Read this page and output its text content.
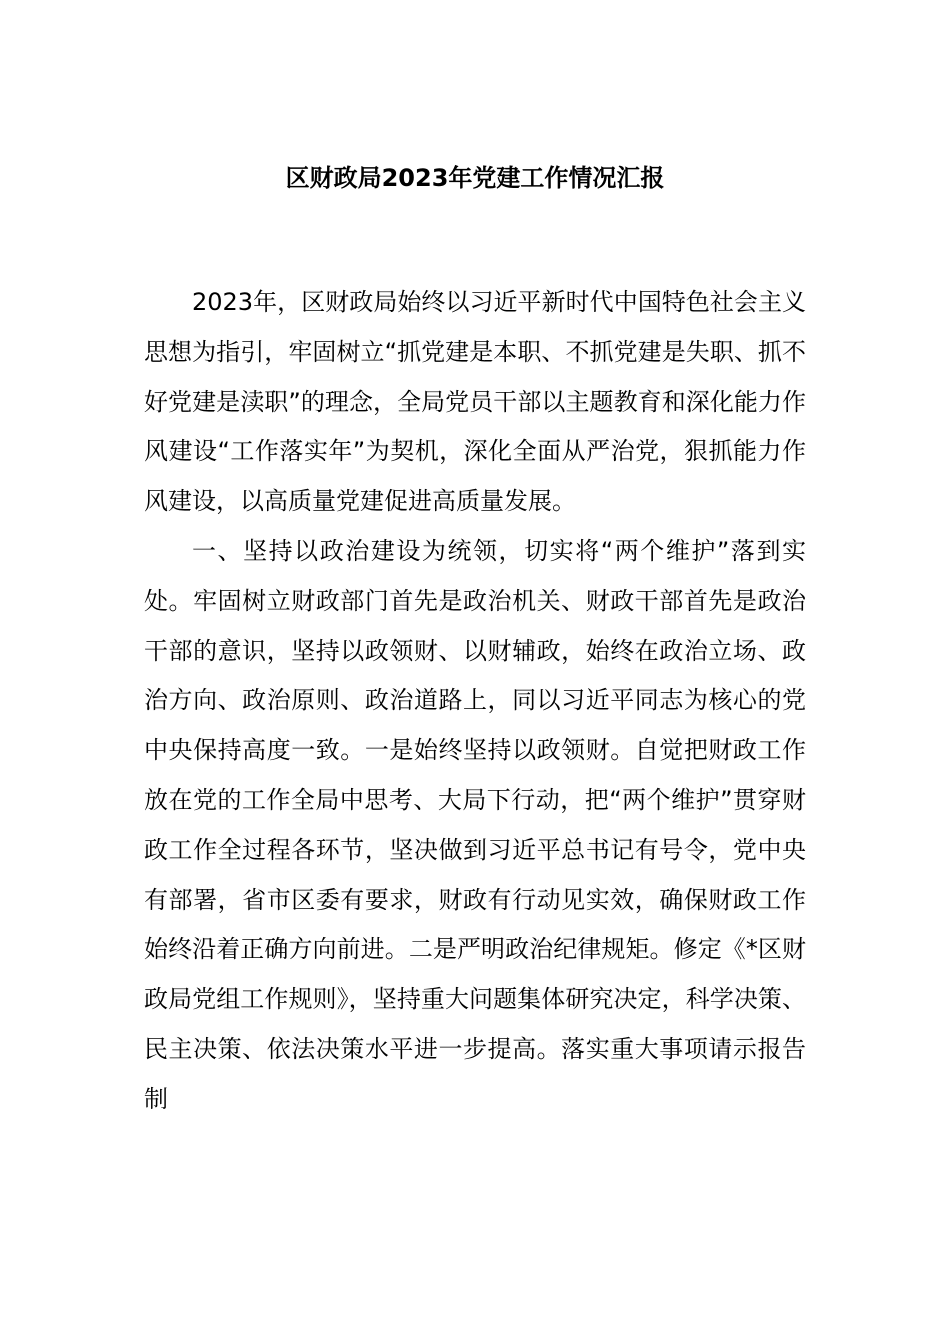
区财政局2023年党建工作情况汇报

2023年，区财政局始终以习近平新时代中国特色社会主义思想为指引，牢固树立“抓党建是本职、不抓党建是失职、抓不好党建是渎职”的理念，全局党员干部以主题教育和深化能力作风建设“工作落实年”为契机，深化全面从严治党，狠抓能力作风建设，以高质量党建促进高质量发展。

一、坚持以政治建设为统领，切实将“两个维护”落到实处。牢固树立财政部门首先是政治机关、财政干部首先是政治干部的意识，坚持以政领财、以财辅政，始终在政治立场、政治方向、政治原则、政治道路上，同以习近平同志为核心的党中央保持高度一致。一是始终坚持以政领财。自觉把财政工作放在党的工作全局中思考、大局下行动，把“两个维护”贯穿财政工作全过程各环节，坚决做到习近平总书记有号令，党中央有部署，省市区委有要求，财政有行动见实效，确保财政工作始终沿着正确方向前进。二是严明政治纪律规矩。修定《*区财政局党组工作规则》，坚持重大问题集体研究决定，科学决策、民主决策、依法决策水平进一步提高。落实重大事项请示报告制
